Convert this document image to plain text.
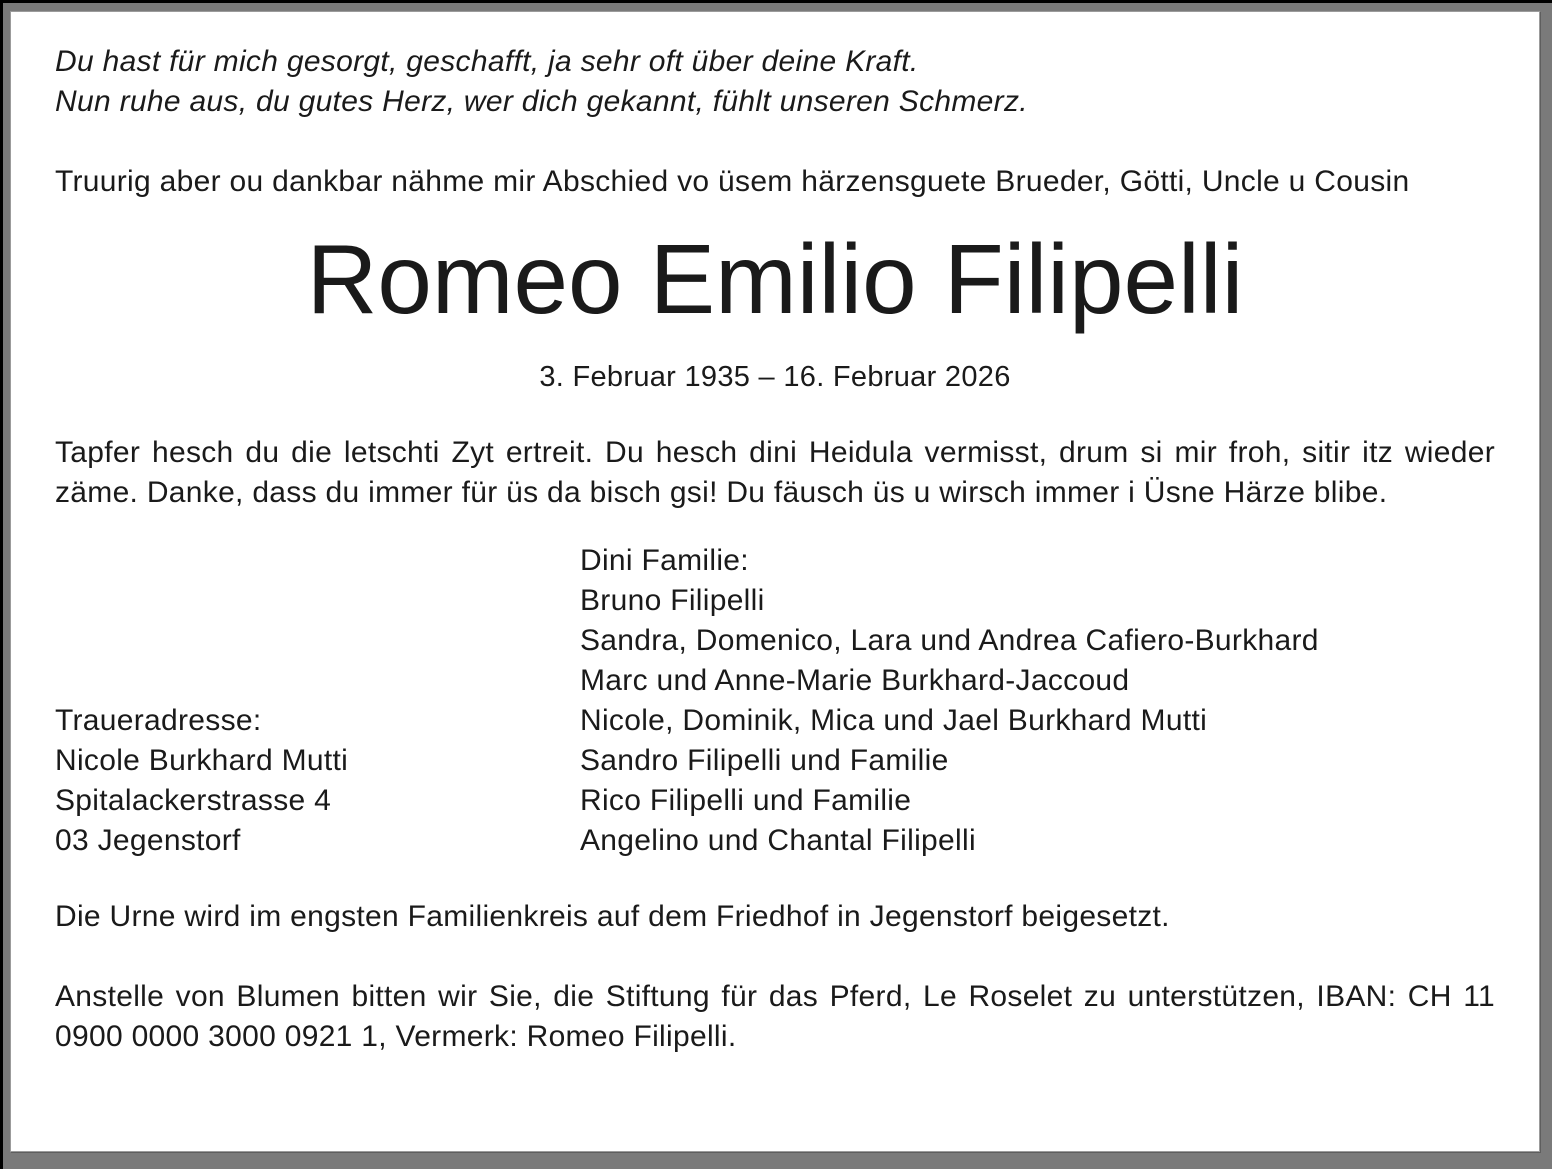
Du hast für mich gesorgt, geschafft, ja sehr oft über deine Kraft.
Nun ruhe aus, du gutes Herz, wer dich gekannt, fühlt unseren Schmerz.

Truurig aber ou dankbar nähme mir Abschied vo üsem härzensguete Brueder, Götti, Uncle u Cousin

Romeo Emilio Filipelli
3. Februar 1935 – 16. Februar 2026

Tapfer hesch du die letschti Zyt ertreit. Du hesch dini Heidula vermisst, drum si mir froh, sitir itz wieder zäme. Danke, dass du immer für üs da bisch gsi! Du fäusch üs u wirsch immer i Üsne Härze blibe.

Traueradresse:
Nicole Burkhard Mutti
Spitalackerstrasse 4
03 Jegenstorf
Dini Familie:
Bruno Filipelli
Sandra, Domenico, Lara und Andrea Cafiero-Burkhard
Marc und Anne-Marie Burkhard-Jaccoud
Nicole, Dominik, Mica und Jael Burkhard Mutti
Sandro Filipelli und Familie
Rico Filipelli und Familie
Angelino und Chantal Filipelli

Die Urne wird im engsten Familienkreis auf dem Friedhof in Jegenstorf beigesetzt.

Anstelle von Blumen bitten wir Sie, die Stiftung für das Pferd, Le Roselet zu unterstützen, IBAN: CH 11 0900 0000 3000 0921 1, Vermerk: Romeo Filipelli.
